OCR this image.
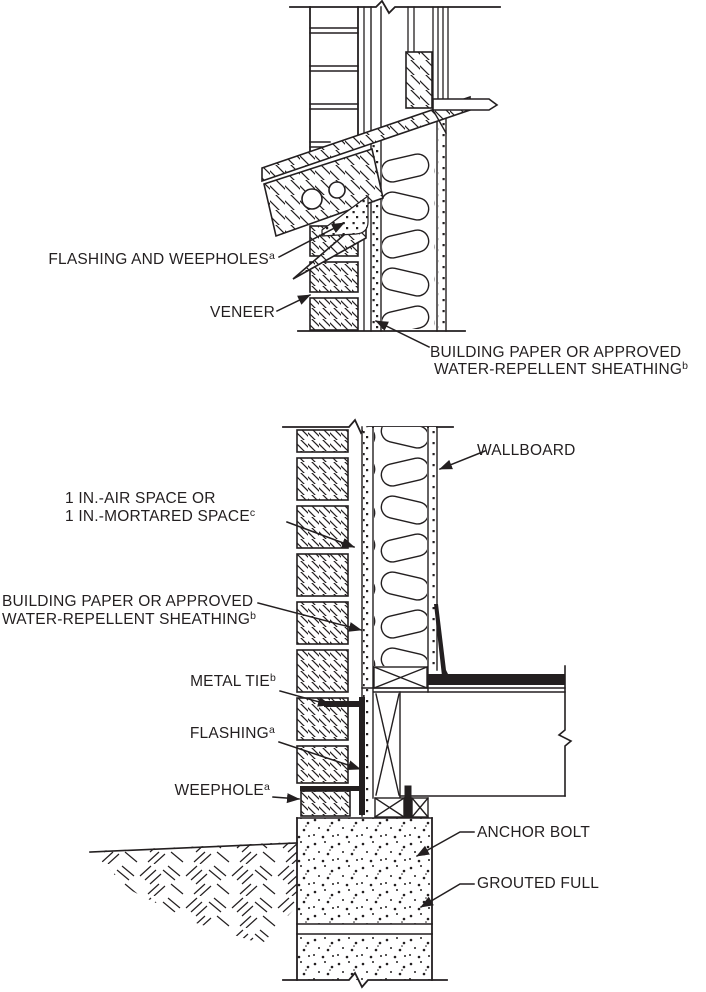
FLASHING AND WEEPHOLES$^a$
VENEER
BUILDING PAPER OR APPROVED
WATER-REPELLENT SHEATHING$^b$
WALLBOARD
1 IN.-AIR SPACE OR
1 IN.-MORTARED SPACE$^c$
BUILDING PAPER OR APPROVED
WATER-REPELLENT SHEATHING$^b$
METAL TIE$^b$
FLASHING$^a$
WEEPHOLE$^a$
ANCHOR BOLT
GROUTED FULL
